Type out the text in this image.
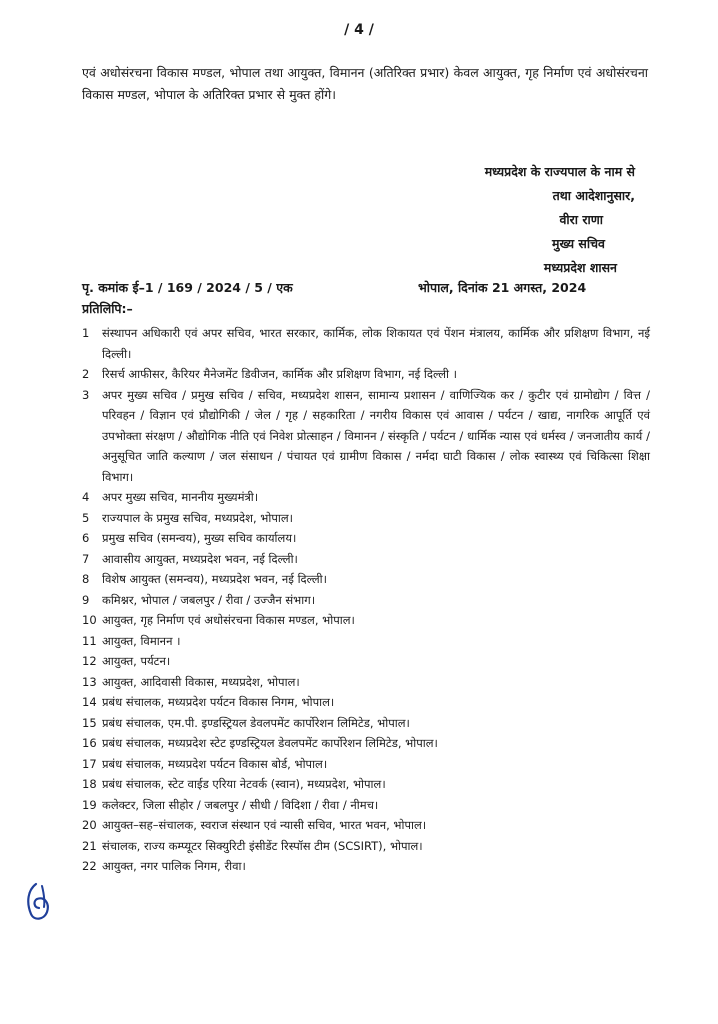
/ 4 /
एवं अधोसंरचना विकास मण्डल, भोपाल तथा आयुक्त, विमानन (अतिरिक्त प्रभार) केवल आयुक्त, गृह निर्माण एवं अधोसंरचना विकास मण्डल, भोपाल के अतिरिक्त प्रभार से मुक्त होंगे।
मध्यप्रदेश के राज्यपाल के नाम से
तथा आदेशानुसार,
वीरा राणा
मुख्य सचिव
मध्यप्रदेश शासन
पृ. कमांक ई–1 / 169 / 2024 / 5 / एक	भोपाल, दिनांक 21 अगस्त, 2024
प्रतिलिपि:–
1	संस्थापन अधिकारी एवं अपर सचिव, भारत सरकार, कार्मिक, लोक शिकायत एवं पेंशन मंत्रालय, कार्मिक और प्रशिक्षण विभाग, नई दिल्ली।
2	रिसर्च आफीसर, कैरियर मैनेजमेंट डिवीजन, कार्मिक और प्रशिक्षण विभाग, नई दिल्ली ।
3	अपर मुख्य सचिव / प्रमुख सचिव / सचिव, मध्यप्रदेश शासन, सामान्य प्रशासन / वाणिज्यिक कर / कुटीर एवं ग्रामोद्योग / वित्त / परिवहन / विज्ञान एवं प्रौद्योगिकी / जेल / गृह / सहकारिता / नगरीय विकास एवं आवास / पर्यटन / खाद्य, नागरिक आपूर्ति एवं उपभोक्ता संरक्षण / औद्योगिक नीति एवं निवेश प्रोत्साहन / विमानन / संस्कृति / पर्यटन / धार्मिक न्यास एवं धर्मस्व / जनजातीय कार्य / अनुसूचित जाति कल्याण / जल संसाधन / पंचायत एवं ग्रामीण विकास / नर्मदा घाटी विकास / लोक स्वास्थ्य एवं चिकित्सा शिक्षा विभाग।
4	अपर मुख्य सचिव, माननीय मुख्यमंत्री।
5	राज्यपाल के प्रमुख सचिव, मध्यप्रदेश, भोपाल।
6	प्रमुख सचिव (समन्वय), मुख्य सचिव कार्यालय।
7	आवासीय आयुक्त, मध्यप्रदेश भवन, नई दिल्ली।
8	विशेष आयुक्त (समन्वय), मध्यप्रदेश भवन, नई दिल्ली।
9	कमिश्नर, भोपाल / जबलपुर / रीवा / उज्जैन संभाग।
10 आयुक्त, गृह निर्माण एवं अधोसंरचना विकास मण्डल, भोपाल।
11 आयुक्त, विमानन ।
12 आयुक्त, पर्यटन।
13 आयुक्त, आदिवासी विकास, मध्यप्रदेश, भोपाल।
14 प्रबंध संचालक, मध्यप्रदेश पर्यटन विकास निगम, भोपाल।
15 प्रबंध संचालक, एम.पी. इण्डस्ट्रियल डेवलपमेंट कार्पोरेशन लिमिटेड, भोपाल।
16 प्रबंध संचालक, मध्यप्रदेश स्टेट इण्डस्ट्रियल डेवलपमेंट कार्पोरेशन लिमिटेड, भोपाल।
17 प्रबंध संचालक, मध्यप्रदेश पर्यटन विकास बोर्ड, भोपाल।
18 प्रबंध संचालक, स्टेट वाईड एरिया नेटवर्क (स्वान), मध्यप्रदेश, भोपाल।
19 कलेक्टर, जिला सीहोर / जबलपुर / सीधी / विदिशा / रीवा / नीमच।
20 आयुक्त–सह–संचालक, स्वराज संस्थान एवं न्यासी सचिव, भारत भवन, भोपाल।
21 संचालक, राज्य कम्प्यूटर सिक्युरिटी इंसीडेंट रिस्पॉस टीम (SCSIRT), भोपाल।
22 आयुक्त, नगर पालिक निगम, रीवा।
